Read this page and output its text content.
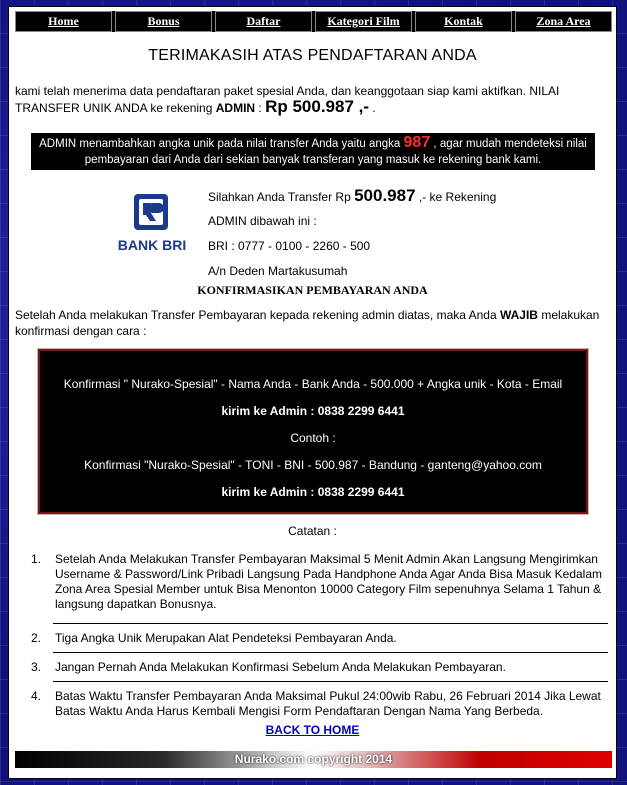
Home	Bonus	Daftar	Kategori Film	Kontak	Zona Area
TERIMAKASIH ATAS PENDAFTARAN ANDA
kami telah menerima data pendaftaran paket spesial Anda, dan keanggotaan siap kami aktifkan. NILAI TRANSFER UNIK ANDA ke rekening ADMIN : Rp 500.987 ,- .
ADMIN menambahkan angka unik pada nilai transfer Anda yaitu angka 987 , agar mudah mendeteksi nilai pembayaran dari Anda dari sekian banyak transferan yang masuk ke rekening bank kami.
BANK BRI
Silahkan Anda Transfer Rp 500.987 ,- ke Rekening
ADMIN dibawah ini :
BRI : 0777 - 0100 - 2260 - 500
A/n Deden Martakusumah
KONFIRMASIKAN PEMBAYARAN ANDA
Setelah Anda melakukan Transfer Pembayaran kepada rekening admin diatas, maka Anda WAJIB melakukan konfirmasi dengan cara :
Konfirmasi " Nurako-Spesial" - Nama Anda - Bank Anda - 500.000 + Angka unik - Kota - Email
kirim ke Admin : 0838 2299 6441
Contoh :
Konfirmasi "Nurako-Spesial" - TONI - BNI - 500.987 - Bandung - ganteng@yahoo.com
kirim ke Admin : 0838 2299 6441
Catatan :
1.	Setelah Anda Melakukan Transfer Pembayaran Maksimal 5 Menit Admin Akan Langsung Mengirimkan Username & Password/Link Pribadi Langsung Pada Handphone Anda Agar Anda Bisa Masuk Kedalam Zona Area Spesial Member untuk Bisa Menonton 10000 Category Film sepenuhnya Selama 1 Tahun & langsung dapatkan Bonusnya.
2.	Tiga Angka Unik Merupakan Alat Pendeteksi Pembayaran Anda.
3.	Jangan Pernah Anda Melakukan Konfirmasi Sebelum Anda Melakukan Pembayaran.
4.	Batas Waktu Transfer Pembayaran Anda Maksimal Pukul 24:00wib Rabu, 26 Februari 2014 Jika Lewat Batas Waktu Anda Harus Kembali Mengisi Form Pendaftaran Dengan Nama Yang Berbeda.
BACK TO HOME
Nurako.com copyright 2014
